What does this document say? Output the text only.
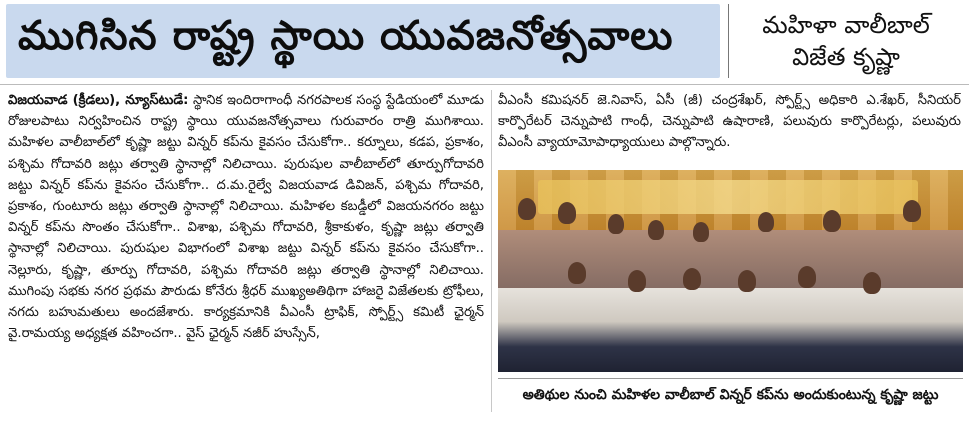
ముగిసిన రాష్ట్ర స్థాయి యువజనోత్సవాలు	మహిళా వాలీబాల్
విజేత కృష్ణా
విజయవాడ (క్రీడలు), న్యూస్‌టుడే: స్థానిక ఇందిరాగాంధీ నగరపాలక సంస్థ స్టేడియంలో మూడు రోజులపాటు నిర్వహించిన రాష్ట్ర స్థాయి యువజనోత్సవాలు గురువారం రాత్రి ముగిశాయి. మహిళల వాలీబాల్‌లో కృష్ణా జట్టు విన్నర్ కప్‌ను కైవసం చేసుకోగా.. కర్నూలు, కడప, ప్రకాశం, పశ్చిమ గోదావరి జట్లు తర్వాతి స్థానాల్లో నిలిచాయి. పురుషుల వాలీబాల్‌లో తూర్పుగోదావరి జట్టు విన్నర్ కప్‌ను కైవసం చేసుకోగా.. ద.మ.రైల్వే విజయవాడ డివిజన్, పశ్చిమ గోదావరి, ప్రకాశం, గుంటూరు జట్లు తర్వాతి స్థానాల్లో నిలిచాయి. మహిళల కబడ్డీలో విజయనగరం జట్టు విన్నర్ కప్‌ను సొంతం చేసుకోగా.. విశాఖ, పశ్చిమ గోదావరి, శ్రీకాకుళం, కృష్ణా జట్లు తర్వాతి స్థానాల్లో నిలిచాయి. పురుషుల విభాగంలో విశాఖ జట్టు విన్నర్ కప్‌ను కైవసం చేసుకోగా.. నెల్లూరు, కృష్ణా, తూర్పు గోదావరి, పశ్చిమ గోదావరి జట్లు తర్వాతి స్థానాల్లో నిలిచాయి. ముగింపు సభకు నగర ప్రథమ పౌరుడు కోనేరు శ్రీధర్ ముఖ్యఅతిథిగా హాజరై విజేతలకు ట్రోఫీలు, నగదు బహుమతులు అందజేశారు. కార్యక్రమానికి వీఎంసీ ట్రాఫిక్, స్పోర్ట్స్ కమిటీ ఛైర్మన్ వై.రామయ్య అధ్యక్షత వహించగా.. వైస్ ఛైర్మన్ నజీర్ హుస్సేన్,
వీఎంసీ కమిషనర్ జె.నివాస్, ఏసీ (జీ) చంద్రశేఖర్, స్పోర్ట్స్ అధికారి ఎ.శేఖర్, సీనియర్ కార్పొరేటర్ చెన్నుపాటి గాంధీ, చెన్నుపాటి ఉషారాణి, పలువురు కార్పొరేటర్లు, పలువురు వీఎంసీ వ్యాయామోపాధ్యాయులు పాల్గొన్నారు.
అతిథుల నుంచి మహిళల వాలీబాల్ విన్నర్ కప్‌ను అందుకుంటున్న కృష్ణా జట్టు
